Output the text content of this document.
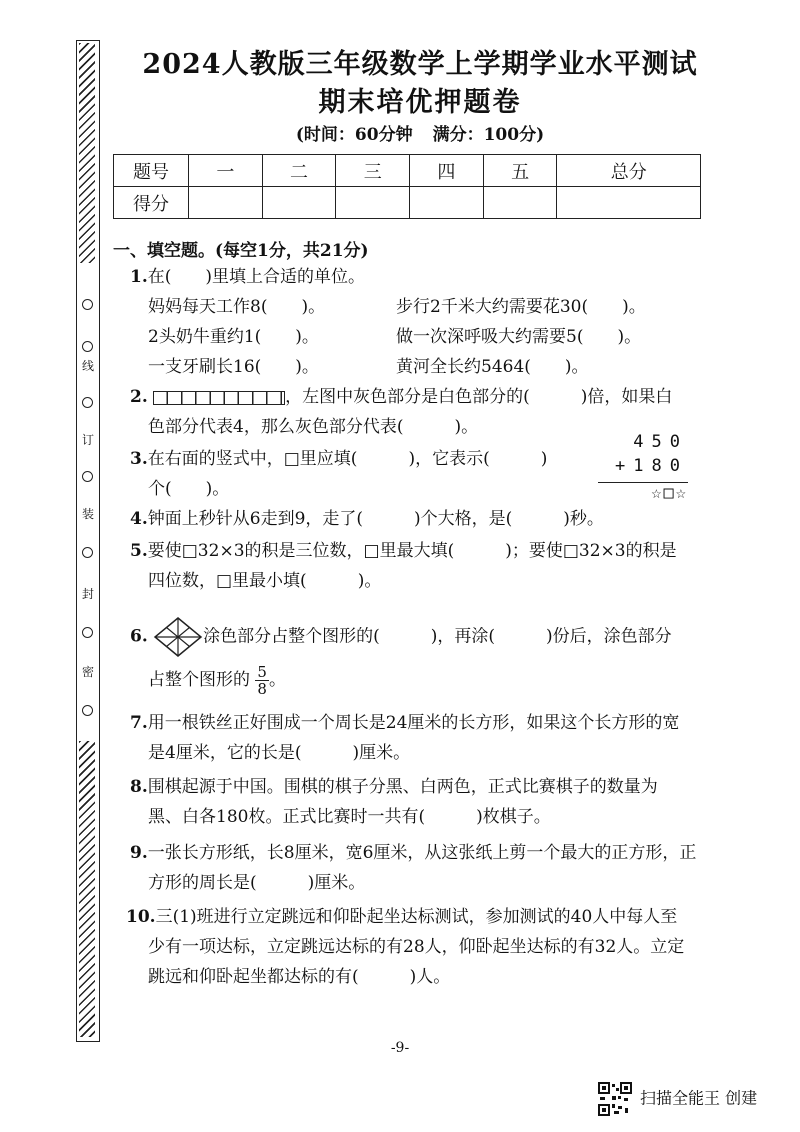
线
订
装
封
密
2024人教版三年级数学上学期学业水平测试
期末培优押题卷
(时间：60分钟 满分：100分)
题号	一	二	三	四	五	总分
得分						
一、填空题。(每空1分，共21分)
1.在(　　)里填上合适的单位。
妈妈每天工作8(　　)。	步行2千米大约需要花30(　　)。
2头奶牛重约1(　　)。	做一次深呼吸大约需要5(　　)。
一支牙刷长16(　　)。	黄河全长约5464(　　)。
2.	，左图中灰色部分是白色部分的(　　　)倍，如果白
色部分代表4，那么灰色部分代表(　　　)。
3.在右面的竖式中，□里应填(　　　)，它表示(　　　)
个(　　)。
450
+180
☆□☆
4.钟面上秒针从6走到9，走了(　　　)个大格，是(　　　)秒。
5.要使□32×3的积是三位数，□里最大填(　　　)；要使□32×3的积是
四位数，□里最小填(　　　)。
6.	涂色部分占整个图形的(　　　)，再涂(　　　)份后，涂色部分
占整个图形的 $\frac{5}{8}$ 。
7.用一根铁丝正好围成一个周长是24厘米的长方形，如果这个长方形的宽
是4厘米，它的长是(　　　)厘米。
8.围棋起源于中国。围棋的棋子分黑、白两色，正式比赛棋子的数量为
黑、白各180枚。正式比赛时一共有(　　　)枚棋子。
9.一张长方形纸，长8厘米，宽6厘米，从这张纸上剪一个最大的正方形，正
方形的周长是(　　　)厘米。
10.三(1)班进行立定跳远和仰卧起坐达标测试，参加测试的40人中每人至
少有一项达标，立定跳远达标的有28人，仰卧起坐达标的有32人。立定
跳远和仰卧起坐都达标的有(　　　)人。
-9-
扫描全能王 创建
